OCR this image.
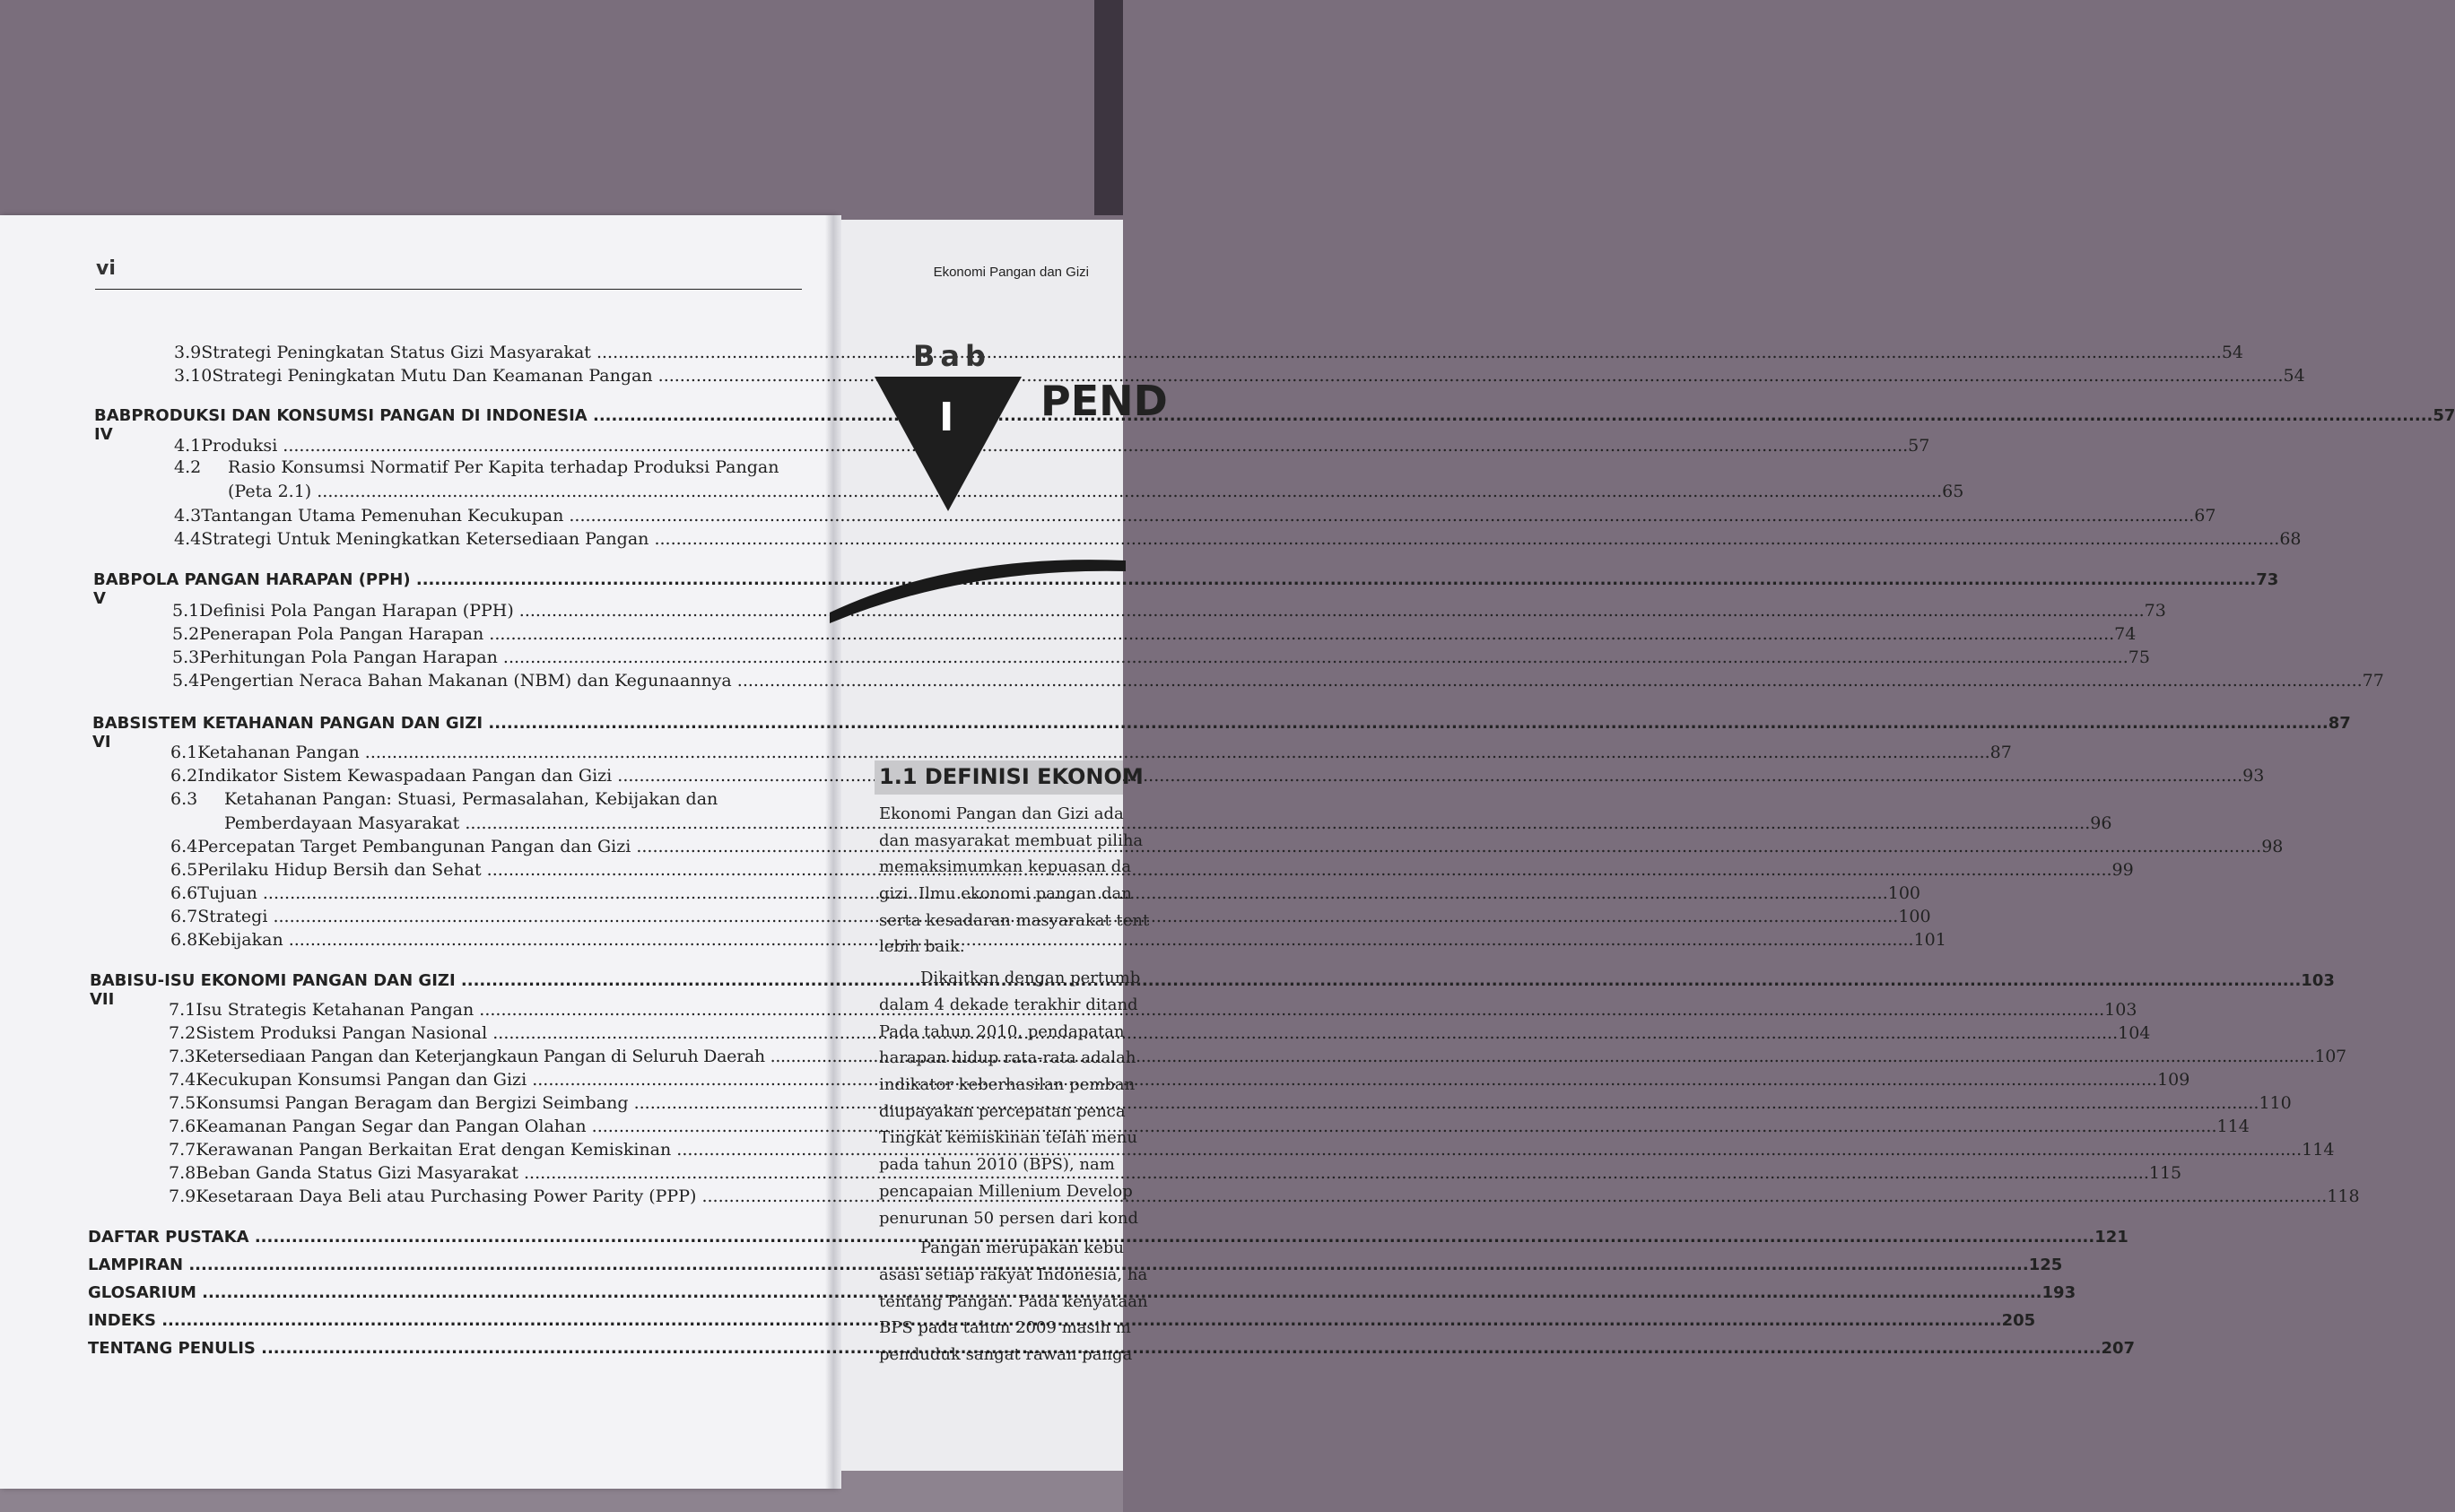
vi	Ekonomi Pangan dan Gizi
3.9 Strategi Peningkatan Status Gizi Masyarakat .....	54
3.10 Strategi Peningkatan Mutu Dan Keamanan Pangan .....	54
BAB IV
PRODUKSI DAN KONSUMSI PANGAN DI INDONESIA .....	57
4.1 Produksi .....	57
4.2 Rasio Konsumsi Normatif Per Kapita terhadap Produksi Pangan
(Peta 2.1) .....	65
4.3 Tantangan Utama Pemenuhan Kecukupan .....	67
4.4 Strategi Untuk Meningkatkan Ketersediaan Pangan .....	68
BAB V
POLA PANGAN HARAPAN (PPH) .....	73
5.1 Definisi Pola Pangan Harapan (PPH) .....	73
5.2 Penerapan Pola Pangan Harapan .....	74
5.3 Perhitungan Pola Pangan Harapan .....	75
5.4 Pengertian Neraca Bahan Makanan (NBM) dan Kegunaannya .....	77
BAB VI
SISTEM KETAHANAN PANGAN DAN GIZI .....	87
6.1 Ketahanan Pangan .....	87
6.2 Indikator Sistem Kewaspadaan Pangan dan Gizi .....	93
6.3 Ketahanan Pangan: Stuasi, Permasalahan, Kebijakan dan
Pemberdayaan Masyarakat .....	96
6.4 Percepatan Target Pembangunan Pangan dan Gizi .....	98
6.5 Perilaku Hidup Bersih dan Sehat .....	99
6.6 Tujuan .....	100
6.7 Strategi .....	100
6.8 Kebijakan .....	101
BAB VII
ISU-ISU EKONOMI PANGAN DAN GIZI .....	103
7.1 Isu Strategis Ketahanan Pangan .....	103
7.2 Sistem Produksi Pangan Nasional .....	104
7.3 Ketersediaan Pangan dan Keterjangkaun Pangan di Seluruh Daerah .....	107
7.4 Kecukupan Konsumsi Pangan dan Gizi .....	109
7.5 Konsumsi Pangan Beragam dan Bergizi Seimbang .....	110
7.6 Keamanan Pangan Segar dan Pangan Olahan .....	114
7.7 Kerawanan Pangan Berkaitan Erat dengan Kemiskinan .....	114
7.8 Beban Ganda Status Gizi Masyarakat .....	115
7.9 Kesetaraan Daya Beli atau Purchasing Power Parity (PPP) .....	118
DAFTAR PUSTAKA .....	121
LAMPIRAN .....	125
GLOSARIUM .....	193
INDEKS .....	205
TENTANG PENULIS .....	207
Bab
I PEND
1.1 DEFINISI EKONOM
Ekonomi Pangan dan Gizi ada
dan masyarakat membuat piliha
memaksimumkan kepuasan da
gizi. Ilmu ekonomi pangan dan
serta kesadaran masyarakat tent
lebih baik.
Dikaitkan dengan pertumb
dalam 4 dekade terakhir ditand
Pada tahun 2010, pendapatan
harapan hidup rata-rata adalah
indikator keberhasilan pemban
diupayakan percepatan penca
Tingkat kemiskinan telah menu
pada tahun 2010 (BPS), nam
pencapaian Millenium Develop
penurunan 50 persen dari kond
Pangan merupakan kebu
asasi setiap rakyat Indonesia, ha
tentang Pangan. Pada kenyataan
BPS pada tahun 2009 masih m
penduduk sangat rawan panga
